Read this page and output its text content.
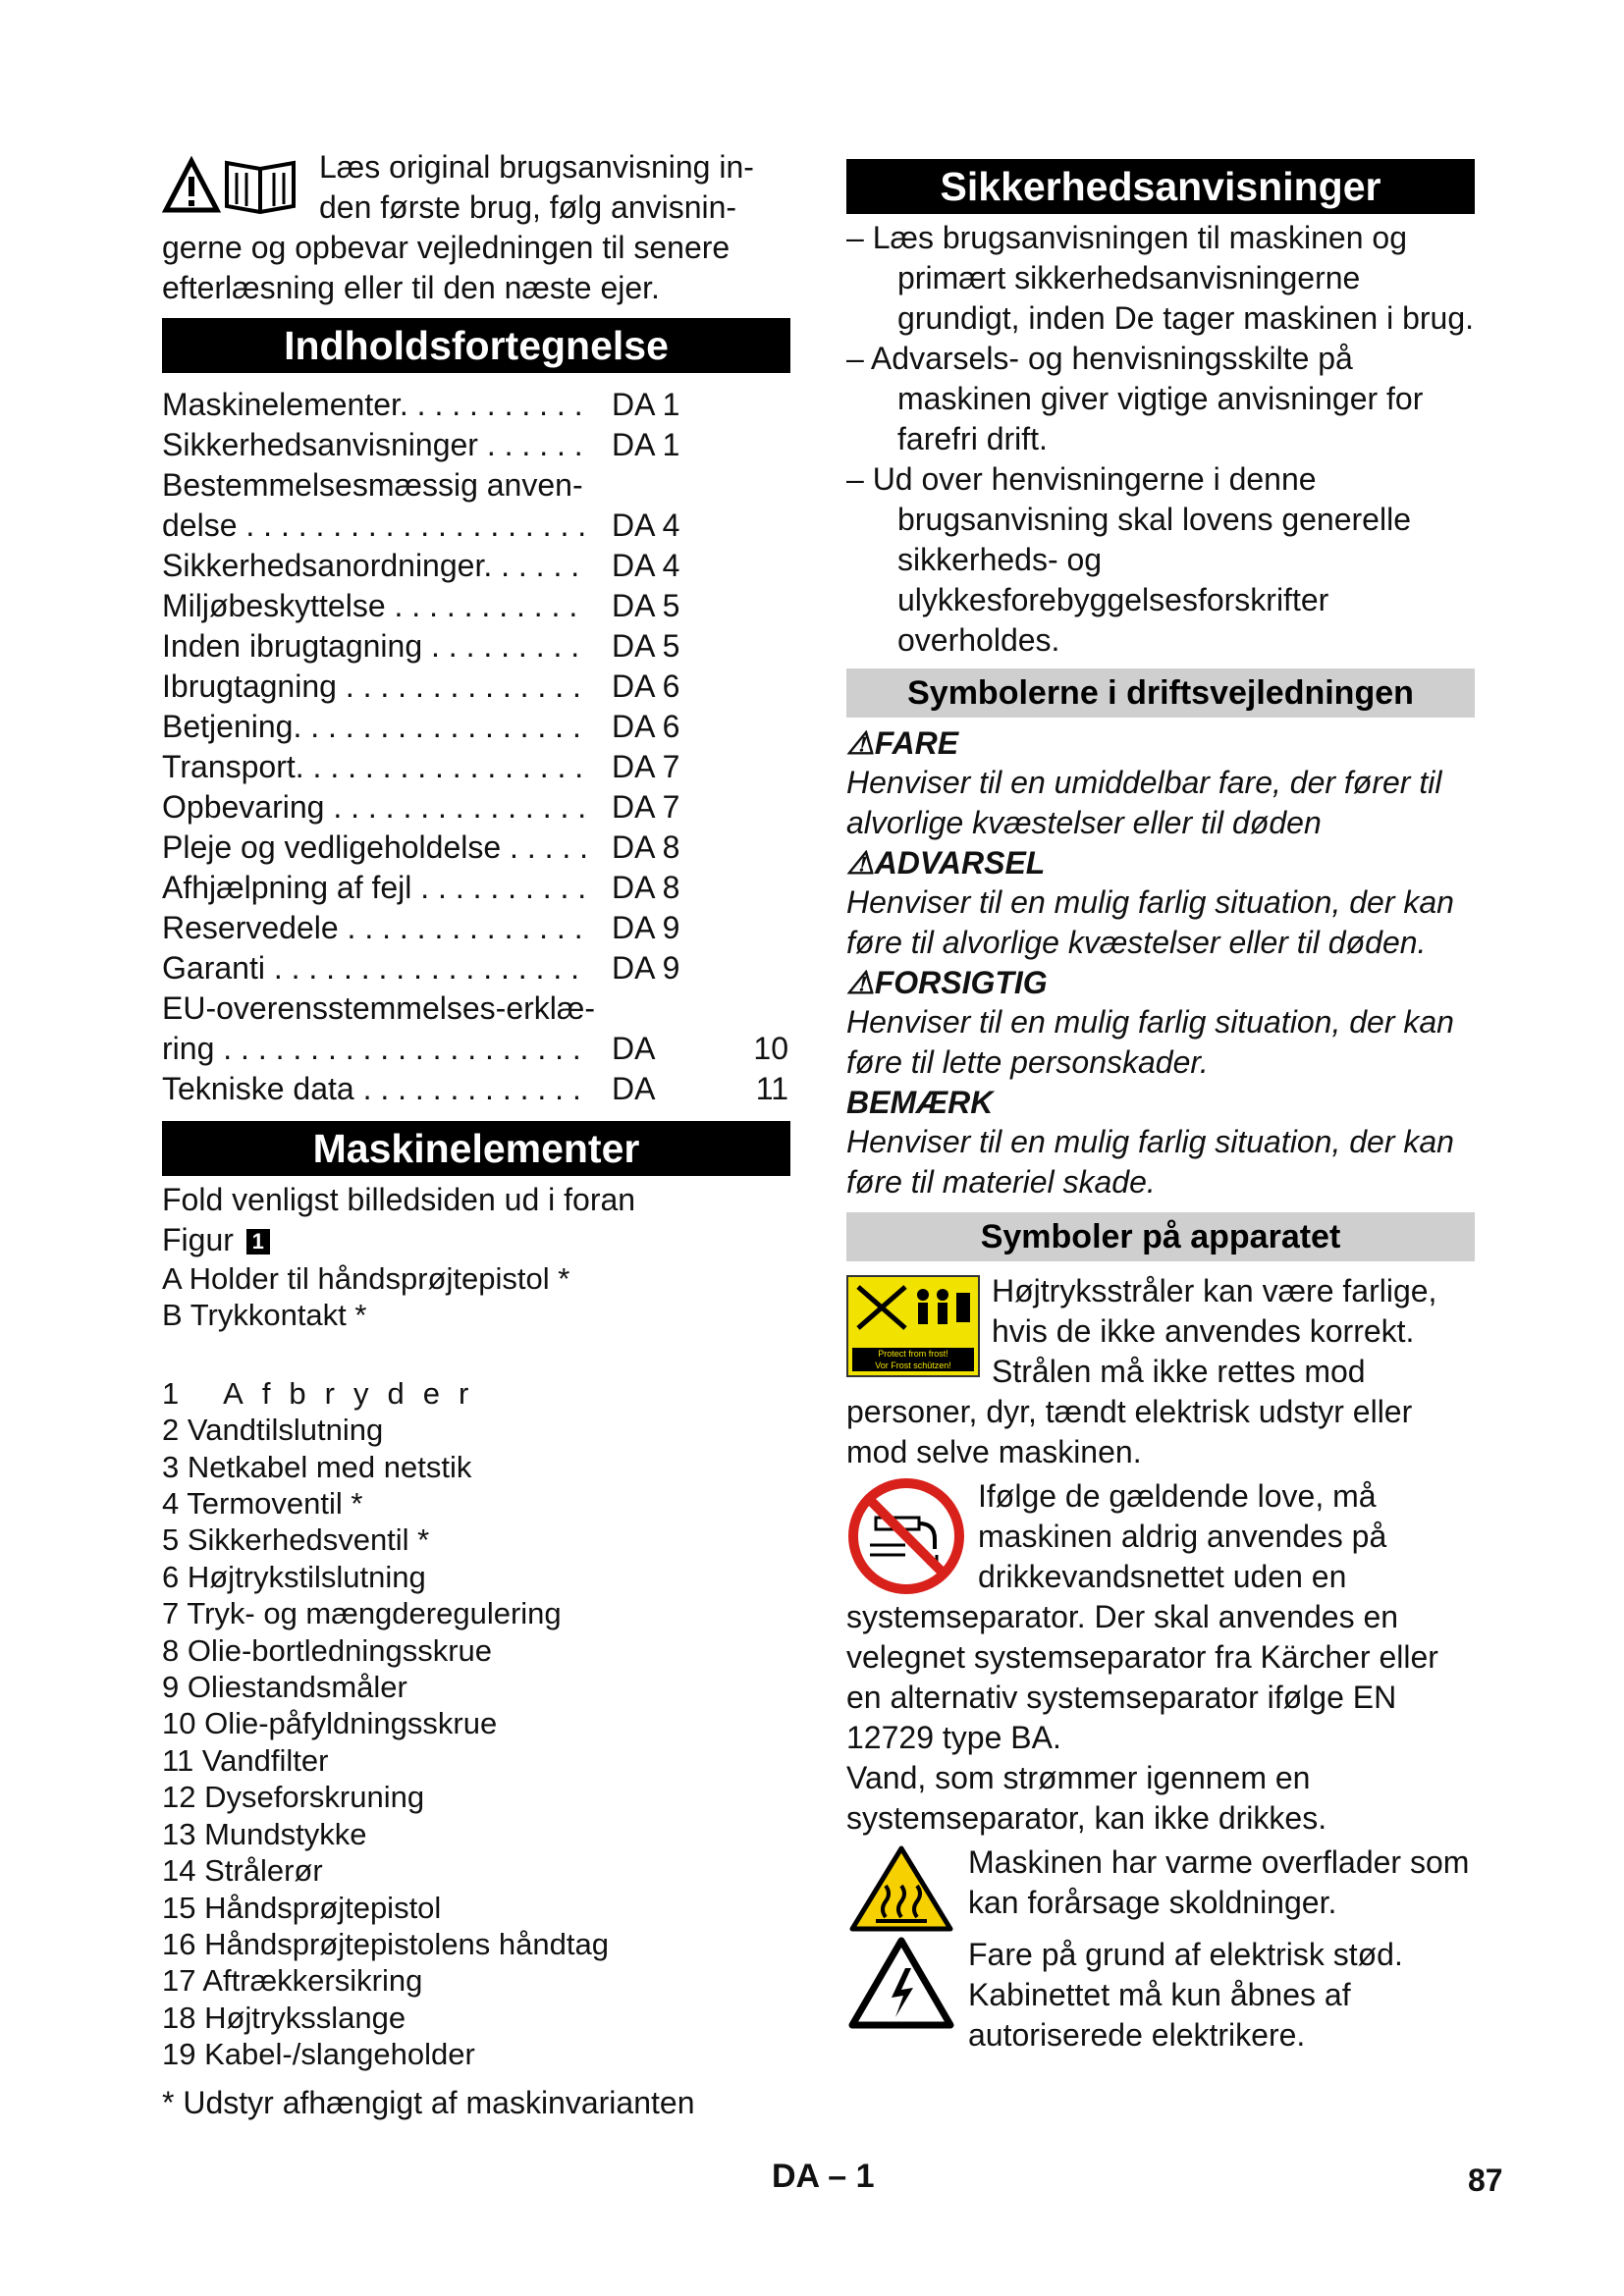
Læs original brugsanvisning in-

den første brug, følg anvisnin-

gerne og opbevar vejledningen til senere

efterlæsning eller til den næste ejer.

Indholdsfortegnelse
Maskinelementer. . . . . . . . . . . DA 1
Sikkerhedsanvisninger . . . . . . DA 1
Bestemmelsesmæssig anven-
delse . . . . . . . . . . . . . . . . . . . . DA 4
Sikkerhedsanordninger. . . . . .	DA 4
Miljøbeskyttelse . . . . . . . . . . .	DA 5
Inden ibrugtagning . . . . . . . . .	DA 5
Ibrugtagning . . . . . . . . . . . . . . DA 6
Betjening. . . . . . . . . . . . . . . . . DA 6
Transport. . . . . . . . . . . . . . . . . DA 7
Opbevaring . . . . . . . . . . . . . . . DA 7
Pleje og vedligeholdelse . . . . . DA 8
Afhjælpning af fejl . . . . . . . . . . DA 8
Reservedele . . . . . . . . . . . . . . DA 9
Garanti . . . . . . . . . . . . . . . . . .	DA 9
EU-overensstemmelses-erklæ-
ring . . . . . . . . . . . . . . . . . . . . . DA	10
Tekniske data . . . . . . . . . . . . . DA	11
Maskinelementer

Fold venligst billedsiden ud i foran

Figur 1

A Holder til håndsprøjtepistol *

B Trykkontakt *

1 Afbryder

2 Vandtilslutning

3 Netkabel med netstik

4 Termoventil *

5 Sikkerhedsventil *

6 Højtrykstilslutning

7 Tryk- og mængderegulering

8 Olie-bortledningsskrue

9 Oliestandsmåler

10 Olie-påfyldningsskrue

11 Vandfilter

12 Dyseforskruning

13 Mundstykke

14 Strålerør

15 Håndsprøjtepistol

16 Håndsprøjtepistolens håndtag

17 Aftrækkersikring

18 Højtryksslange

19 Kabel-/slangeholder

* Udstyr afhængigt af maskinvarianten

Sikkerhedsanvisninger

– Læs brugsanvisningen til maskinen og primært sikkerhedsanvisningerne grundigt, inden De tager maskinen i brug.

– Advarsels- og henvisningsskilte på maskinen giver vigtige anvisninger for farefri drift.

– Ud over henvisningerne i denne brugsanvisning skal lovens generelle sikkerheds- og ulykkesforebyggelsesforskrifter overholdes.

Symbolerne i driftsvejledningen

⚠FARE

Henviser til en umiddelbar fare, der fører til alvorlige kvæstelser eller til døden

⚠ADVARSEL

Henviser til en mulig farlig situation, der kan føre til alvorlige kvæstelser eller til døden.

⚠FORSIGTIG

Henviser til en mulig farlig situation, der kan føre til lette personskader.

BEMÆRK

Henviser til en mulig farlig situation, der kan føre til materiel skade.

Symboler på apparatet
Protect from frost!
Vor Frost schützen!

Højtryksstråler kan være farlige, hvis de ikke anvendes korrekt. Strålen må ikke rettes mod personer, dyr, tændt elektrisk udstyr eller mod selve maskinen.

Ifølge de gældende love, må maskinen aldrig anvendes på drikkevandsnettet uden en systemseparator. Der skal anvendes en velegnet systemseparator fra Kärcher eller en alternativ systemseparator ifølge EN 12729 type BA.

Vand, som strømmer igennem en systemseparator, kan ikke drikkes.

Maskinen har varme overflader som kan forårsage skoldninger.

Fare på grund af elektrisk stød. Kabinettet må kun åbnes af autoriserede elektrikere.

DA – 1	87
